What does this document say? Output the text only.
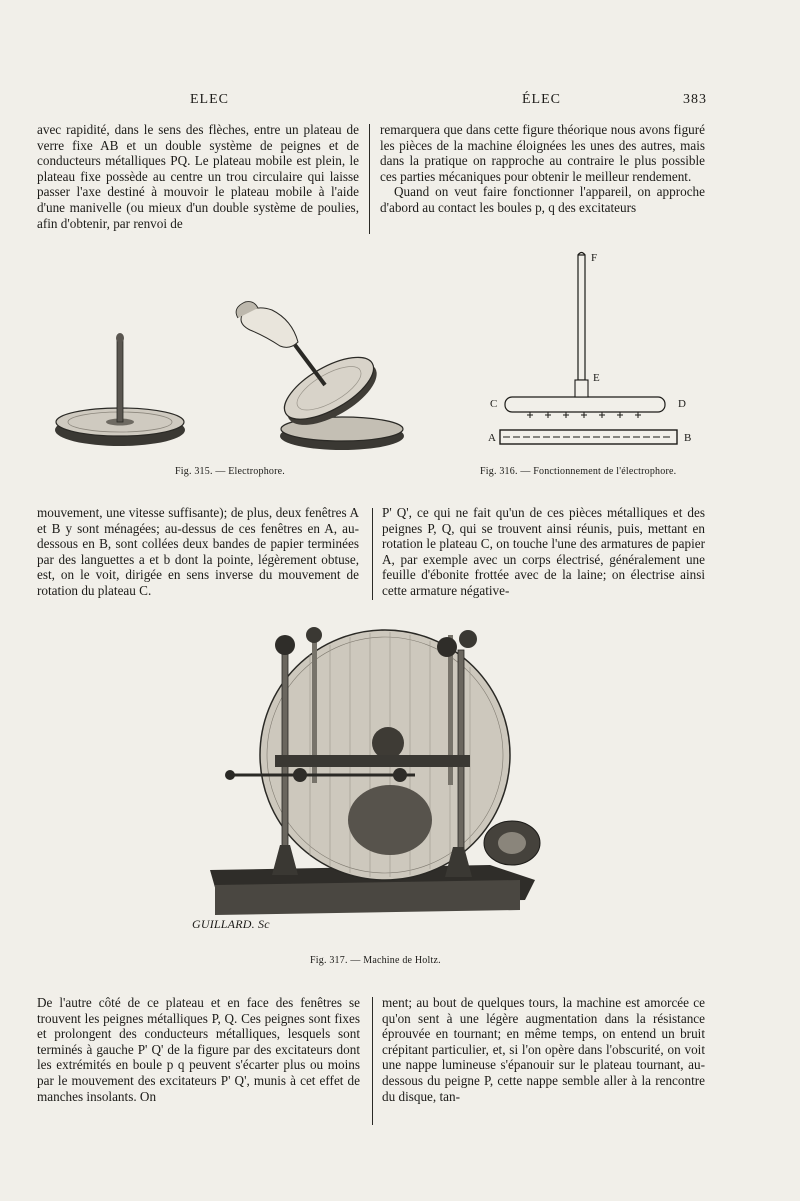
ELEC	ÉLEC	383

avec rapidité, dans le sens des flèches, entre un plateau de verre fixe AB et un double système de peignes et de conducteurs métalliques PQ. Le plateau mobile est plein, le plateau fixe possède au centre un trou circulaire qui laisse passer l'axe destiné à mouvoir le plateau mobile à l'aide d'une manivelle (ou mieux d'un double système de poulies, afin d'obtenir, par renvoi de

remarquera que dans cette figure théorique nous avons figuré les pièces de la machine éloignées les unes des autres, mais dans la pratique on rapproche au contraire le plus possible ces parties mécaniques pour obtenir le meilleur rendement.

Quand on veut faire fonctionner l'appareil, on approche d'abord au contact les boules p, q des excitateurs

Fig. 315. — Electrophore.
F
E
C	D
A	B
Fig. 316. — Fonctionnement de l'électrophore.

mouvement, une vitesse suffisante); de plus, deux fenêtres A et B y sont ménagées; au-dessus de ces fenêtres en A, au-dessous en B, sont collées deux bandes de papier terminées par des languettes a et b dont la pointe, légèrement obtuse, est, on le voit, dirigée en sens inverse du mouvement de rotation du plateau C.

P' Q', ce qui ne fait qu'un de ces pièces métalliques et des peignes P, Q, qui se trouvent ainsi réunis, puis, mettant en rotation le plateau C, on touche l'une des armatures de papier A, par exemple avec un corps électrisé, généralement une feuille d'ébonite frottée avec de la laine; on électrise ainsi cette armature négative-

GUILLARD. Sc
Fig. 317. — Machine de Holtz.

De l'autre côté de ce plateau et en face des fenêtres se trouvent les peignes métalliques P, Q. Ces peignes sont fixes et prolongent des conducteurs métalliques, lesquels sont terminés à gauche P' Q' de la figure par des excitateurs dont les extrémités en boule p q peuvent s'écarter plus ou moins par le mouvement des excitateurs P' Q', munis à cet effet de manches insolants. On

ment; au bout de quelques tours, la machine est amorcée ce qu'on sent à une légère augmentation dans la résistance éprouvée en tournant; en même temps, on entend un bruit crépitant particulier, et, si l'on opère dans l'obscurité, on voit une nappe lumineuse s'épanouir sur le plateau tournant, au-dessous du peigne P, cette nappe semble aller à la rencontre du disque, tan-
